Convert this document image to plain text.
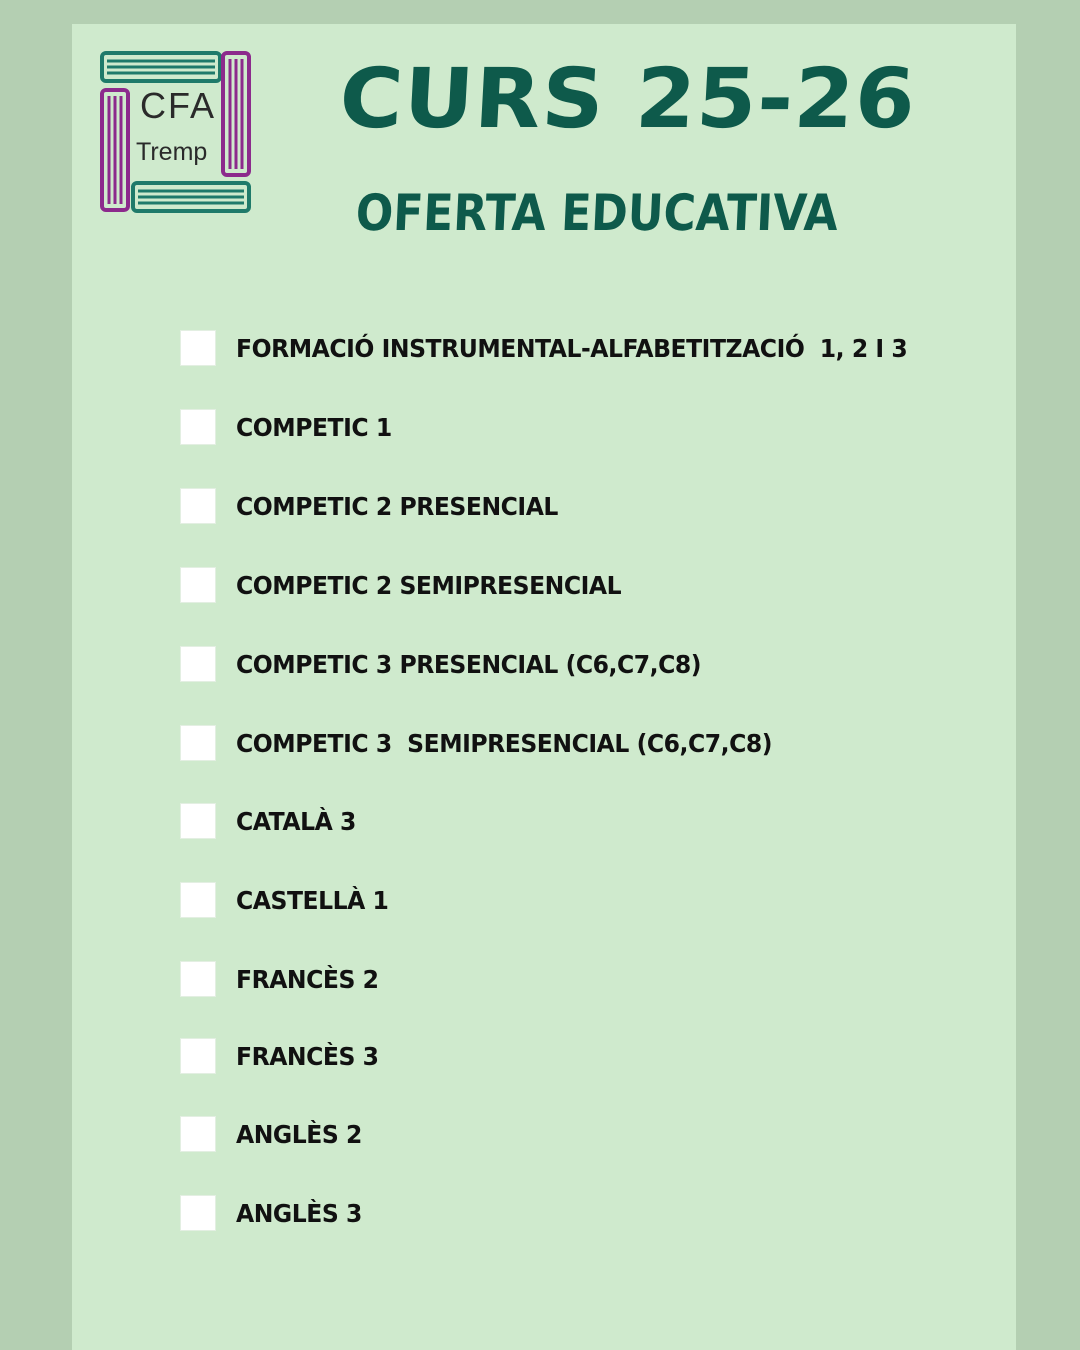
CFA
Tremp
CURS 25-26
OFERTA EDUCATIVA
FORMACIÓ INSTRUMENTAL-ALFABETITZACIÓ  1, 2 I 3
COMPETIC 1
COMPETIC 2 PRESENCIAL
COMPETIC 2 SEMIPRESENCIAL
COMPETIC 3 PRESENCIAL (C6,C7,C8)
COMPETIC 3  SEMIPRESENCIAL (C6,C7,C8)
CATALÀ 3
CASTELLÀ 1
FRANCÈS 2
FRANCÈS 3
ANGLÈS 2
ANGLÈS 3
